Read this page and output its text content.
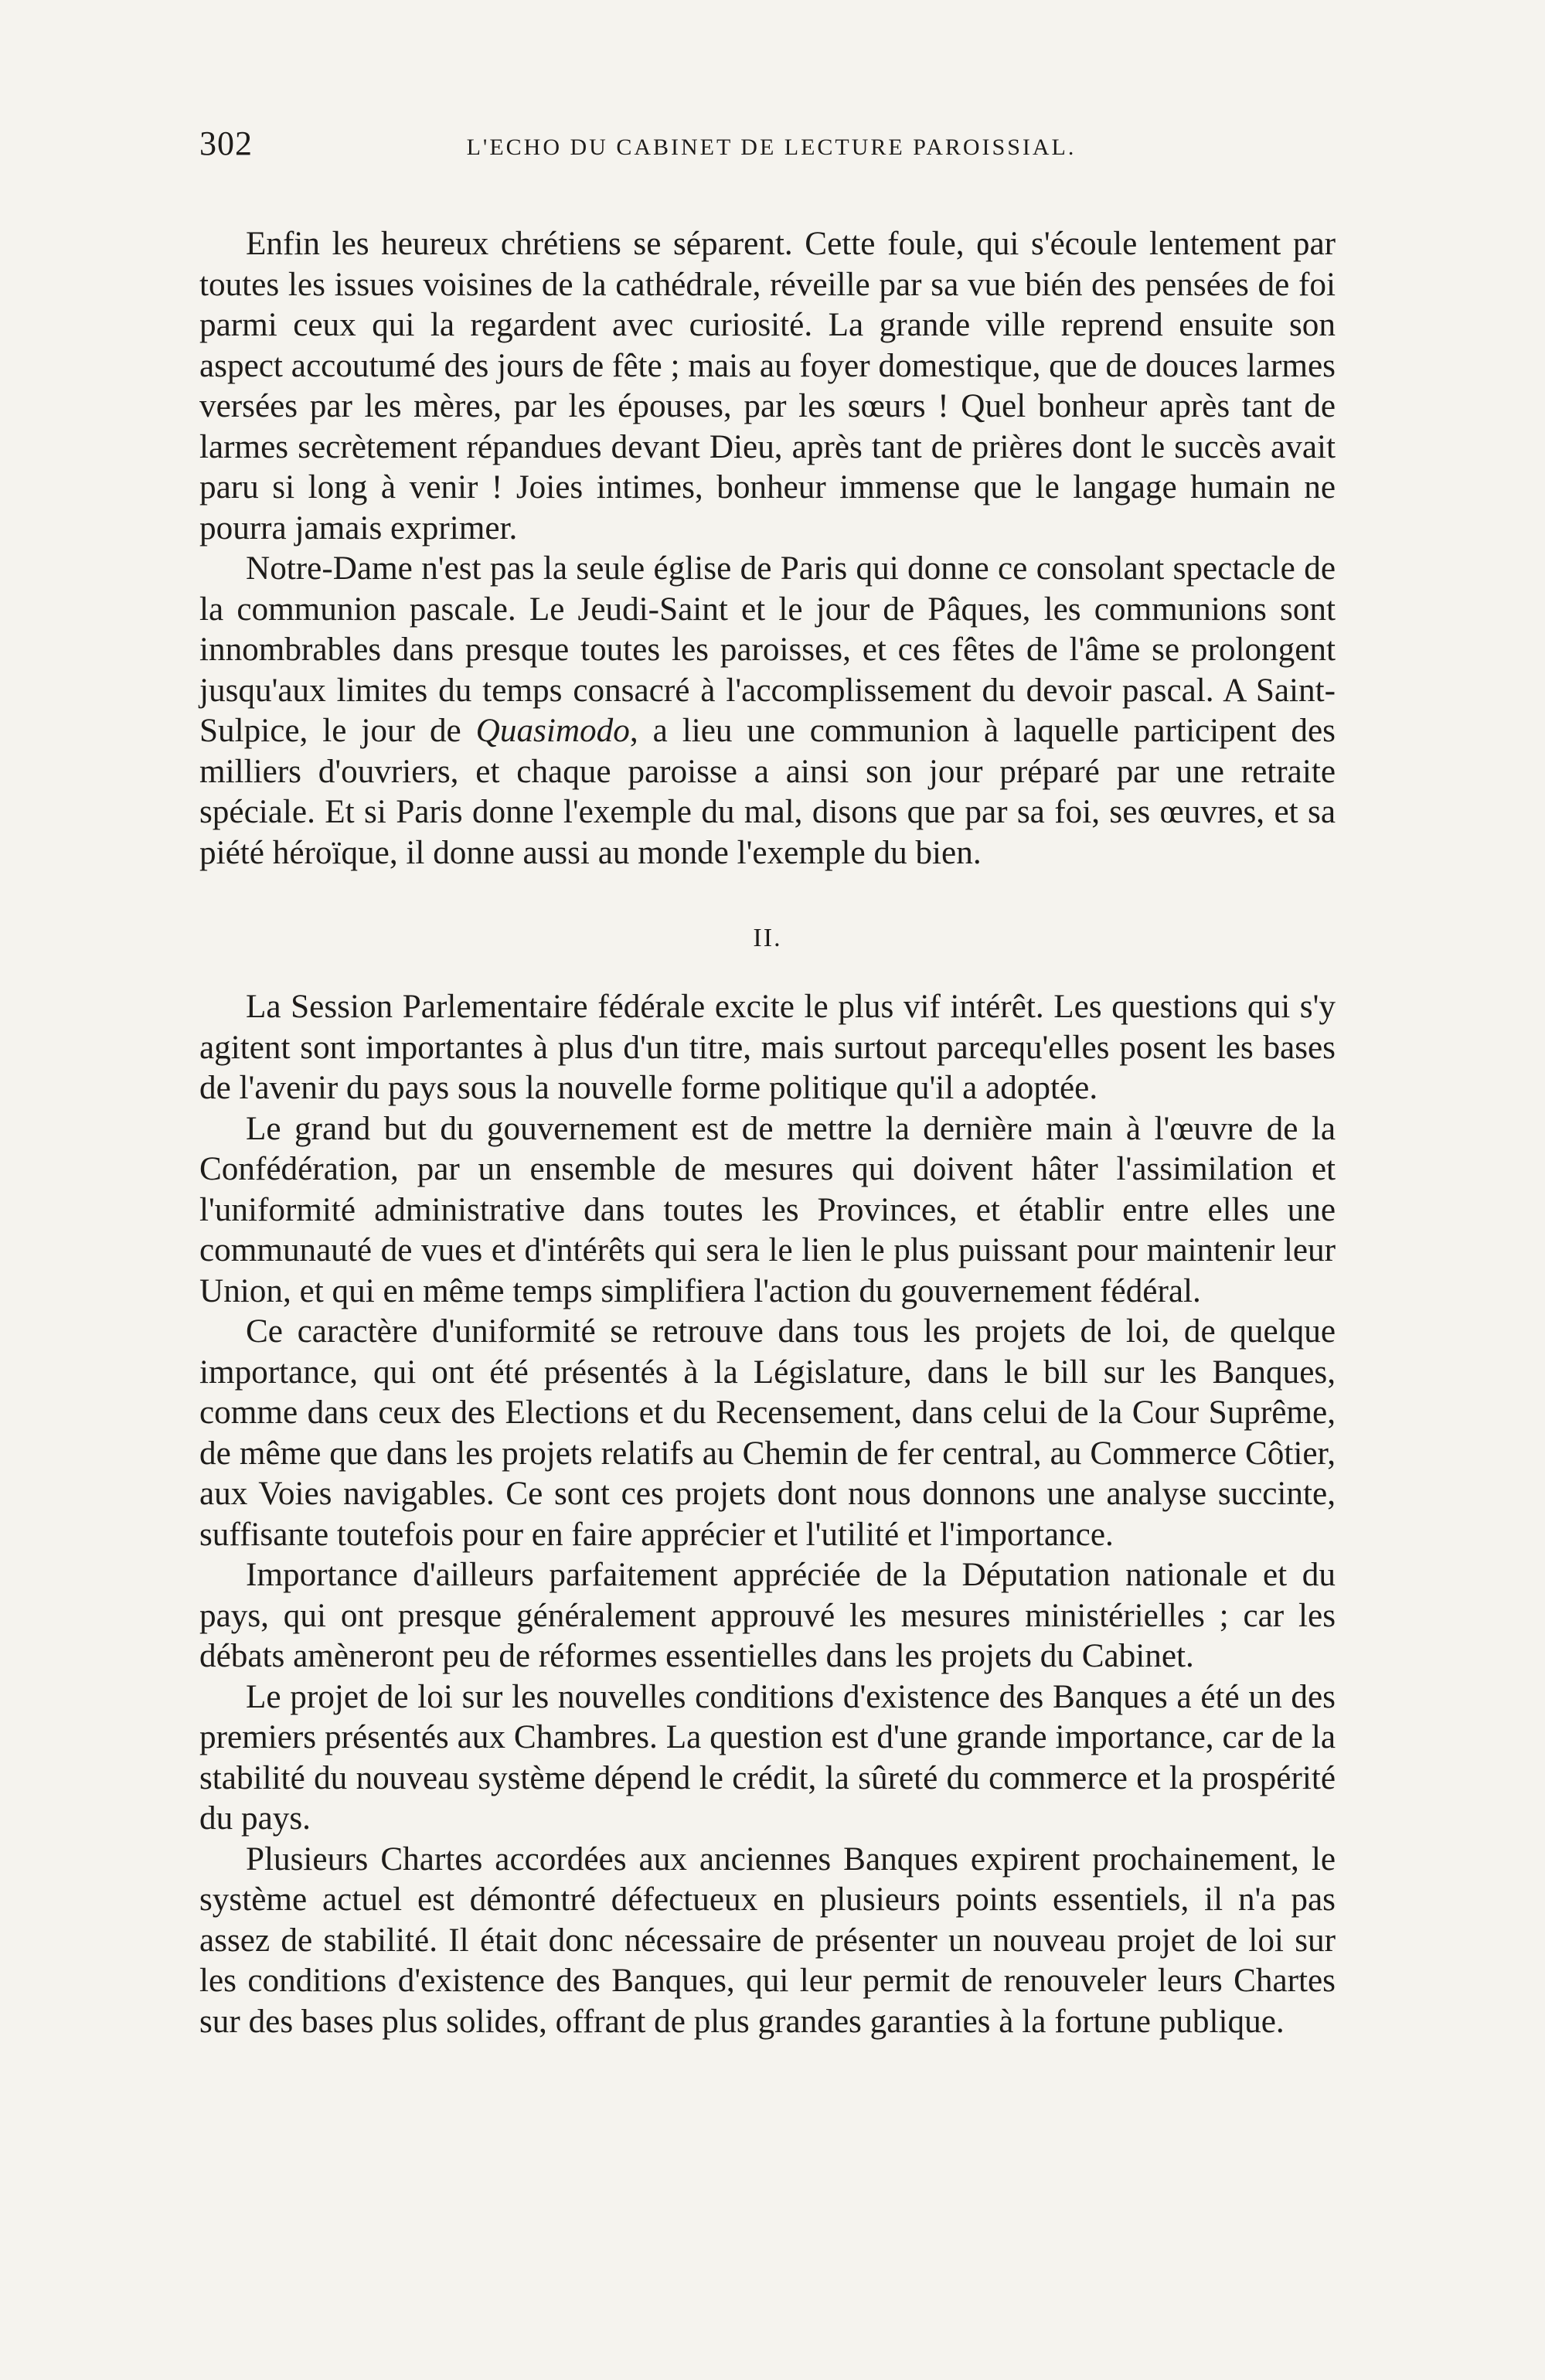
302	L'ECHO DU CABINET DE LECTURE PAROISSIAL.

Enfin les heureux chrétiens se séparent. Cette foule, qui s'écoule lentement par toutes les issues voisines de la cathédrale, réveille par sa vue bién des pensées de foi parmi ceux qui la regardent avec curiosité. La grande ville reprend ensuite son aspect accoutumé des jours de fête ; mais au foyer domestique, que de douces larmes versées par les mères, par les épouses, par les sœurs ! Quel bonheur après tant de larmes secrètement répandues devant Dieu, après tant de prières dont le succès avait paru si long à venir ! Joies intimes, bonheur immense que le langage humain ne pourra jamais exprimer.

Notre-Dame n'est pas la seule église de Paris qui donne ce consolant spectacle de la communion pascale. Le Jeudi-Saint et le jour de Pâques, les communions sont innombrables dans presque toutes les paroisses, et ces fêtes de l'âme se prolongent jusqu'aux limites du temps consacré à l'accomplissement du devoir pascal. A Saint-Sulpice, le jour de Quasimodo, a lieu une communion à laquelle participent des milliers d'ouvriers, et chaque paroisse a ainsi son jour préparé par une retraite spéciale. Et si Paris donne l'exemple du mal, disons que par sa foi, ses œuvres, et sa piété héroïque, il donne aussi au monde l'exemple du bien.

II.

La Session Parlementaire fédérale excite le plus vif intérêt. Les questions qui s'y agitent sont importantes à plus d'un titre, mais surtout parcequ'elles posent les bases de l'avenir du pays sous la nouvelle forme politique qu'il a adoptée.

Le grand but du gouvernement est de mettre la dernière main à l'œuvre de la Confédération, par un ensemble de mesures qui doivent hâter l'assimilation et l'uniformité administrative dans toutes les Provinces, et établir entre elles une communauté de vues et d'intérêts qui sera le lien le plus puissant pour maintenir leur Union, et qui en même temps simplifiera l'action du gouvernement fédéral.

Ce caractère d'uniformité se retrouve dans tous les projets de loi, de quelque importance, qui ont été présentés à la Législature, dans le bill sur les Banques, comme dans ceux des Elections et du Recensement, dans celui de la Cour Suprême, de même que dans les projets relatifs au Chemin de fer central, au Commerce Côtier, aux Voies navigables. Ce sont ces projets dont nous donnons une analyse succinte, suffisante toutefois pour en faire apprécier et l'utilité et l'importance.

Importance d'ailleurs parfaitement appréciée de la Députation nationale et du pays, qui ont presque généralement approuvé les mesures ministérielles ; car les débats amèneront peu de réformes essentielles dans les projets du Cabinet.

Le projet de loi sur les nouvelles conditions d'existence des Banques a été un des premiers présentés aux Chambres. La question est d'une grande importance, car de la stabilité du nouveau système dépend le crédit, la sûreté du commerce et la prospérité du pays.

Plusieurs Chartes accordées aux anciennes Banques expirent prochainement, le système actuel est démontré défectueux en plusieurs points essentiels, il n'a pas assez de stabilité. Il était donc nécessaire de présenter un nouveau projet de loi sur les conditions d'existence des Banques, qui leur permit de renouveler leurs Chartes sur des bases plus solides, offrant de plus grandes garanties à la fortune publique.
